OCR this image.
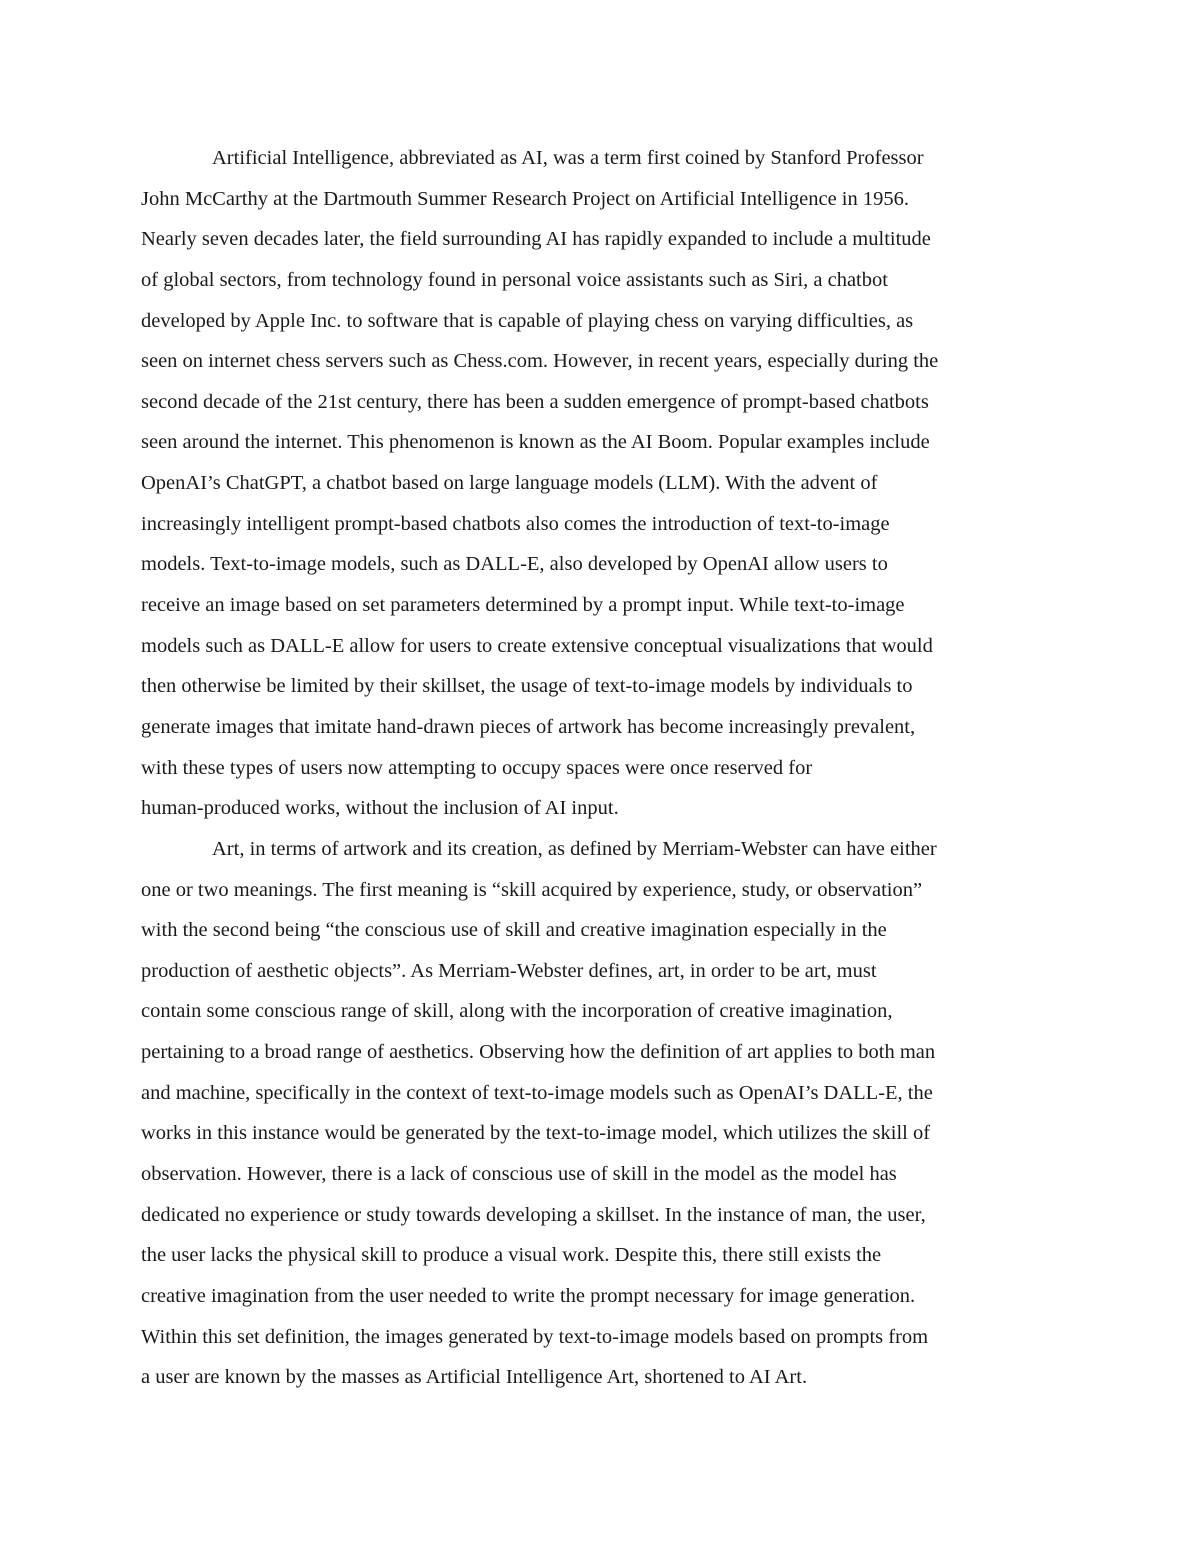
Artificial Intelligence, abbreviated as AI, was a term first coined by Stanford Professor
John McCarthy at the Dartmouth Summer Research Project on Artificial Intelligence in 1956.
Nearly seven decades later, the field surrounding AI has rapidly expanded to include a multitude
of global sectors, from technology found in personal voice assistants such as Siri, a chatbot
developed by Apple Inc. to software that is capable of playing chess on varying difficulties, as
seen on internet chess servers such as Chess.com. However, in recent years, especially during the
second decade of the 21st century, there has been a sudden emergence of prompt-based chatbots
seen around the internet. This phenomenon is known as the AI Boom. Popular examples include
OpenAI’s ChatGPT, a chatbot based on large language models (LLM). With the advent of
increasingly intelligent prompt-based chatbots also comes the introduction of text-to-image
models. Text-to-image models, such as DALL-E, also developed by OpenAI allow users to
receive an image based on set parameters determined by a prompt input. While text-to-image
models such as DALL-E allow for users to create extensive conceptual visualizations that would
then otherwise be limited by their skillset, the usage of text-to-image models by individuals to
generate images that imitate hand-drawn pieces of artwork has become increasingly prevalent,
with these types of users now attempting to occupy spaces were once reserved for
human-produced works, without the inclusion of AI input.
Art, in terms of artwork and its creation, as defined by Merriam-Webster can have either
one or two meanings. The first meaning is “skill acquired by experience, study, or observation”
with the second being “the conscious use of skill and creative imagination especially in the
production of aesthetic objects”. As Merriam-Webster defines, art, in order to be art, must
contain some conscious range of skill, along with the incorporation of creative imagination,
pertaining to a broad range of aesthetics. Observing how the definition of art applies to both man
and machine, specifically in the context of text-to-image models such as OpenAI’s DALL-E, the
works in this instance would be generated by the text-to-image model, which utilizes the skill of
observation. However, there is a lack of conscious use of skill in the model as the model has
dedicated no experience or study towards developing a skillset. In the instance of man, the user,
the user lacks the physical skill to produce a visual work. Despite this, there still exists the
creative imagination from the user needed to write the prompt necessary for image generation.
Within this set definition, the images generated by text-to-image models based on prompts from
a user are known by the masses as Artificial Intelligence Art, shortened to AI Art.
